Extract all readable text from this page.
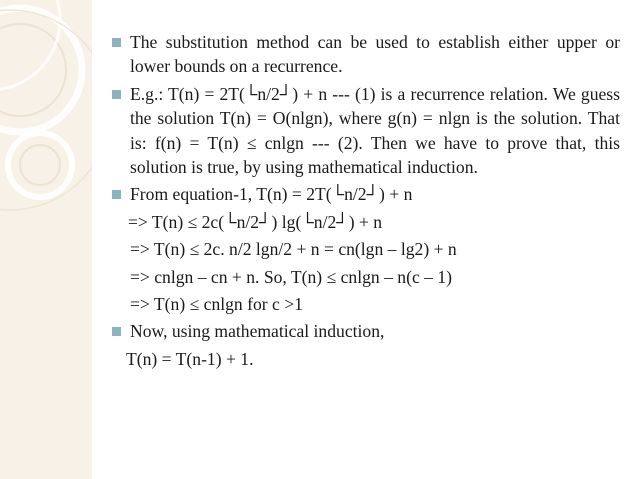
The substitution method can be used to establish either upper or lower bounds on a recurrence.
E.g.: T(n) = 2T(└n/2┘) + n --- (1) is a recurrence relation. We guess the solution T(n) = O(nlgn), where g(n) = nlgn is the solution. That is: f(n) = T(n) ≤ cnlgn --- (2). Then we have to prove that, this solution is true, by using mathematical induction.
From equation-1, T(n) = 2T(└n/2┘) + n
=> T(n) ≤ 2c(└n/2┘) lg(└n/2┘) + n
=> T(n) ≤ 2c. n/2 lgn/2 + n = cn(lgn – lg2) + n
=> cnlgn – cn + n. So, T(n) ≤ cnlgn – n(c – 1)
=> T(n) ≤ cnlgn for c >1
Now, using mathematical induction,
T(n) = T(n-1) + 1.
